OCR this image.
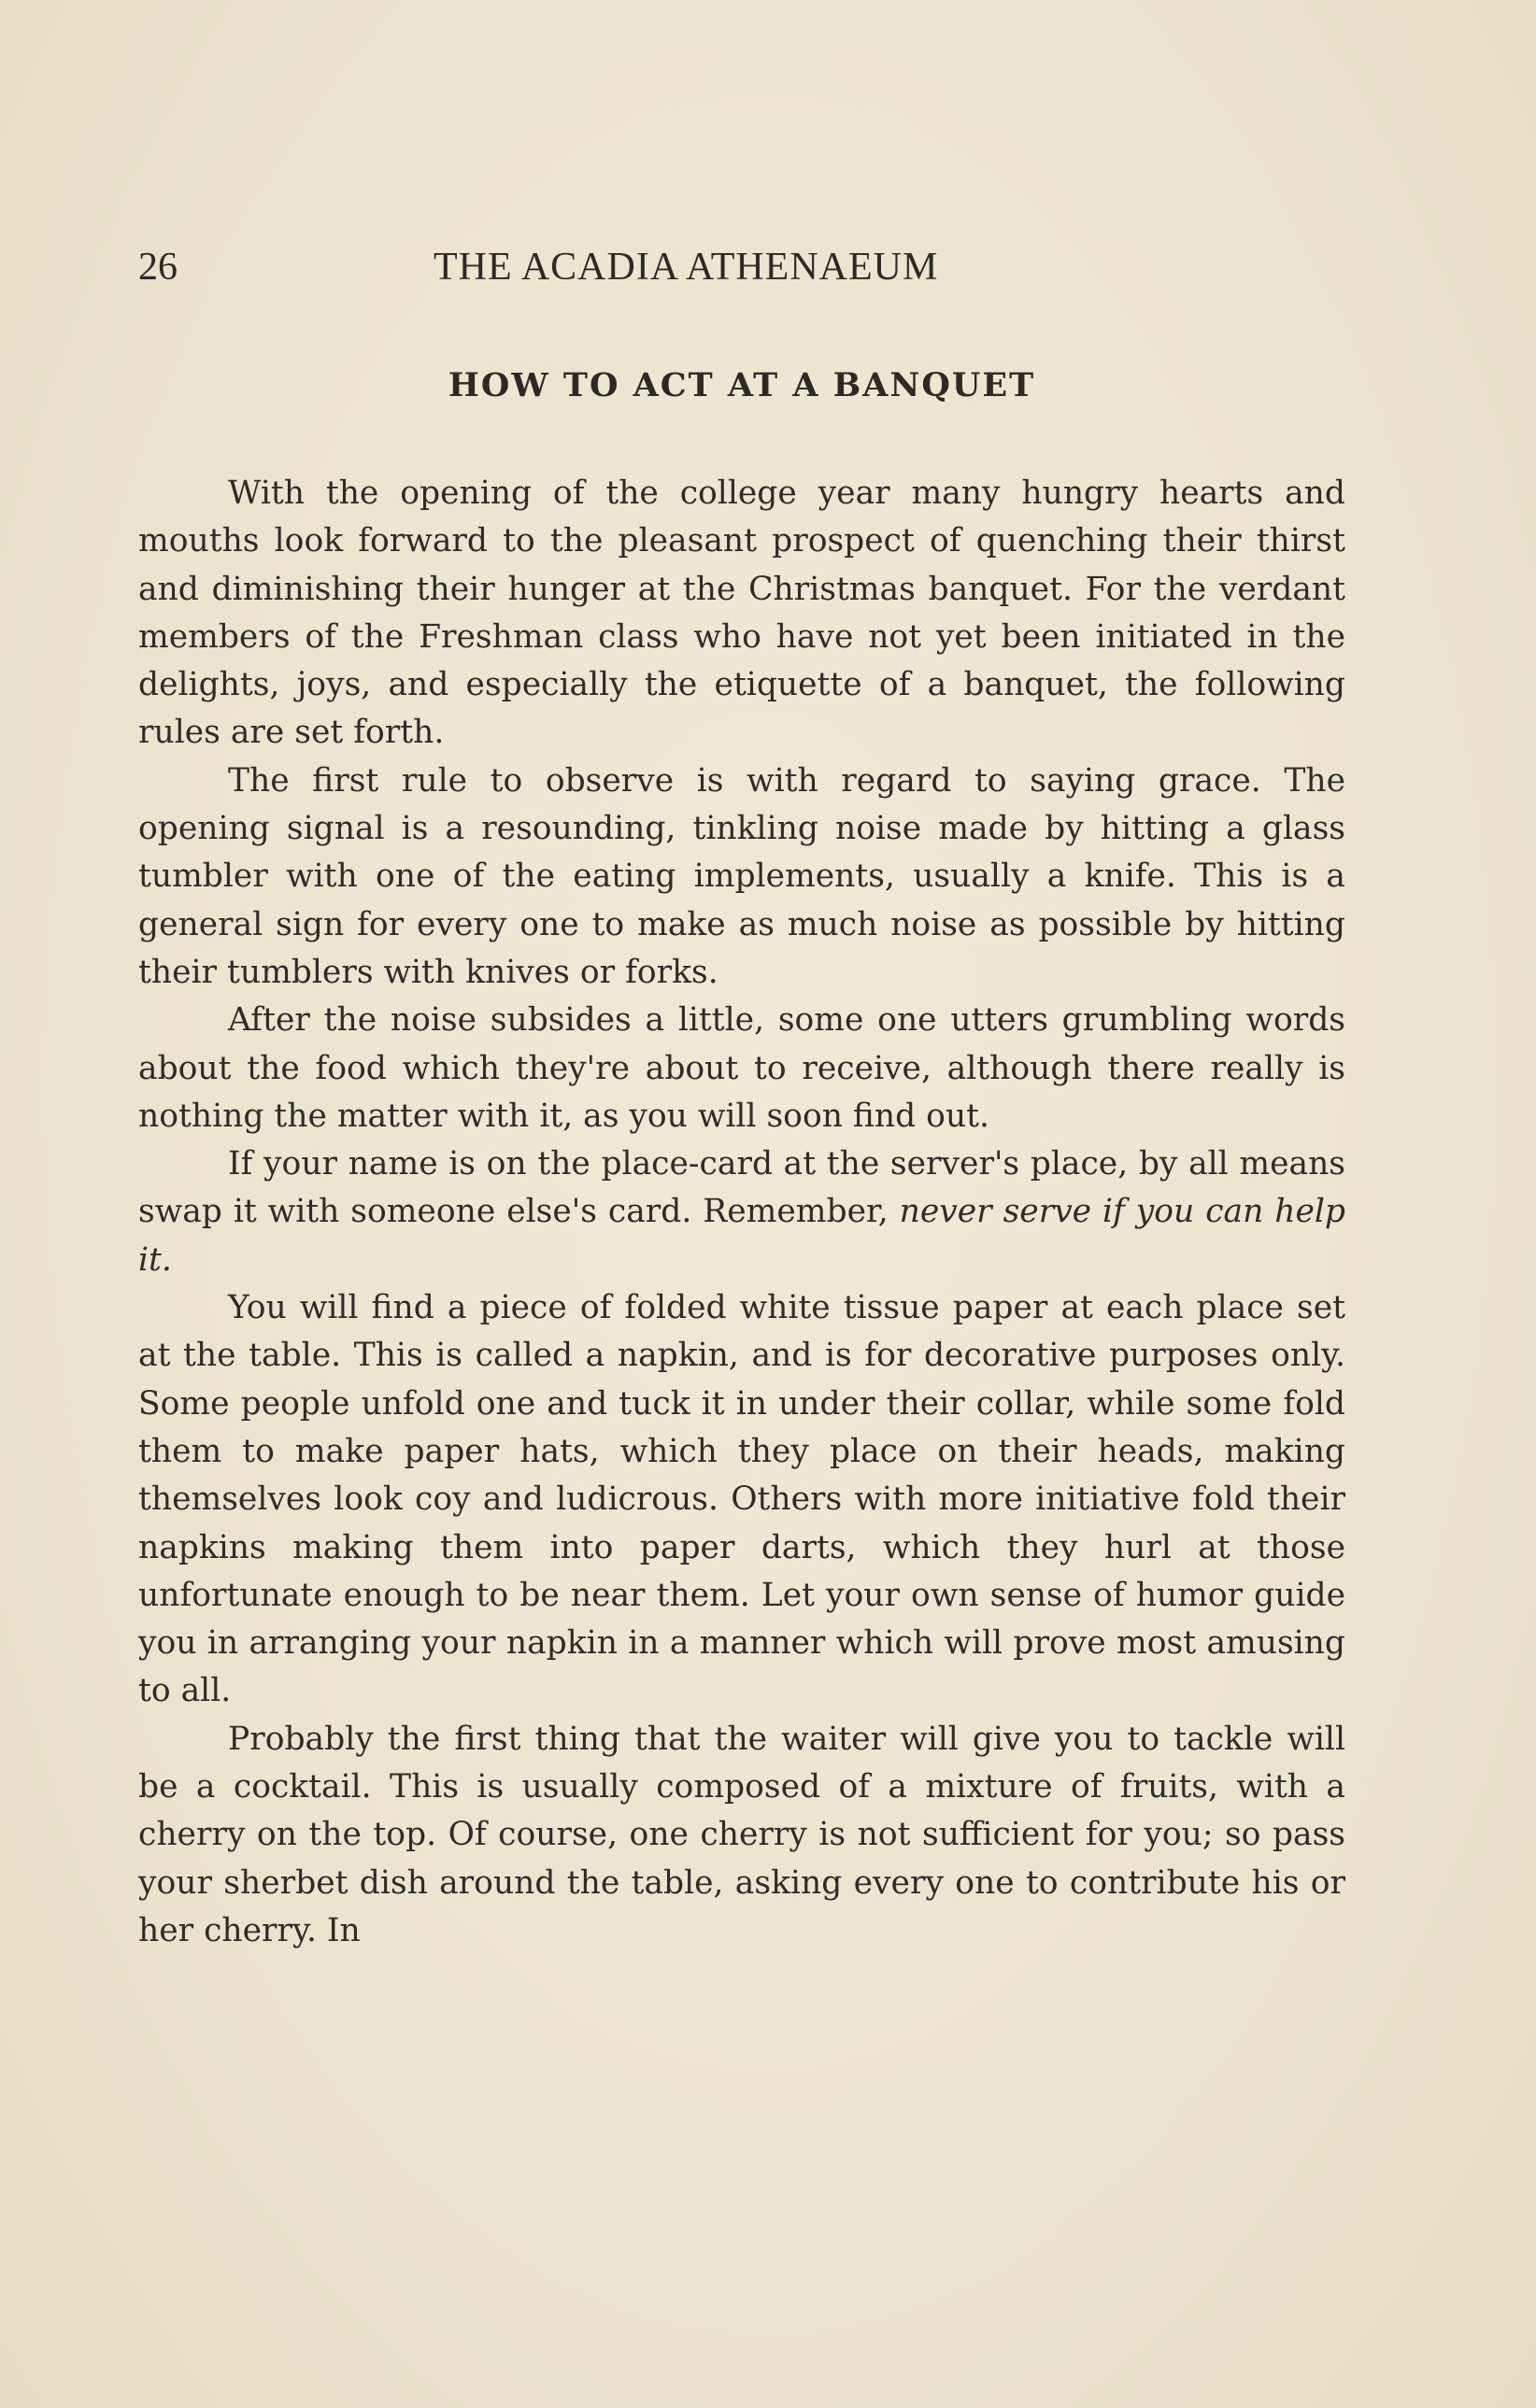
26	THE ACADIA ATHENAEUM
HOW TO ACT AT A BANQUET

With the opening of the college year many hungry hearts and mouths look forward to the pleasant prospect of quenching their thirst and diminishing their hunger at the Christmas banquet. For the verdant members of the Freshman class who have not yet been initiated in the delights, joys, and especially the etiquette of a banquet, the following rules are set forth.

The first rule to observe is with regard to saying grace. The opening signal is a resounding, tinkling noise made by hitting a glass tumbler with one of the eating implements, usually a knife. This is a general sign for every one to make as much noise as possible by hitting their tumblers with knives or forks.

After the noise subsides a little, some one utters grumbling words about the food which they're about to receive, although there really is nothing the matter with it, as you will soon find out.

If your name is on the place-card at the server's place, by all means swap it with someone else's card. Remember, never serve if you can help it.

You will find a piece of folded white tissue paper at each place set at the table. This is called a napkin, and is for decorative purposes only. Some people unfold one and tuck it in under their collar, while some fold them to make paper hats, which they place on their heads, making themselves look coy and ludicrous. Others with more initiative fold their napkins making them into paper darts, which they hurl at those unfortunate enough to be near them. Let your own sense of humor guide you in arranging your napkin in a manner which will prove most amusing to all.

Probably the first thing that the waiter will give you to tackle will be a cocktail. This is usually composed of a mixture of fruits, with a cherry on the top. Of course, one cherry is not sufficient for you; so pass your sherbet dish around the table, asking every one to contribute his or her cherry. In
